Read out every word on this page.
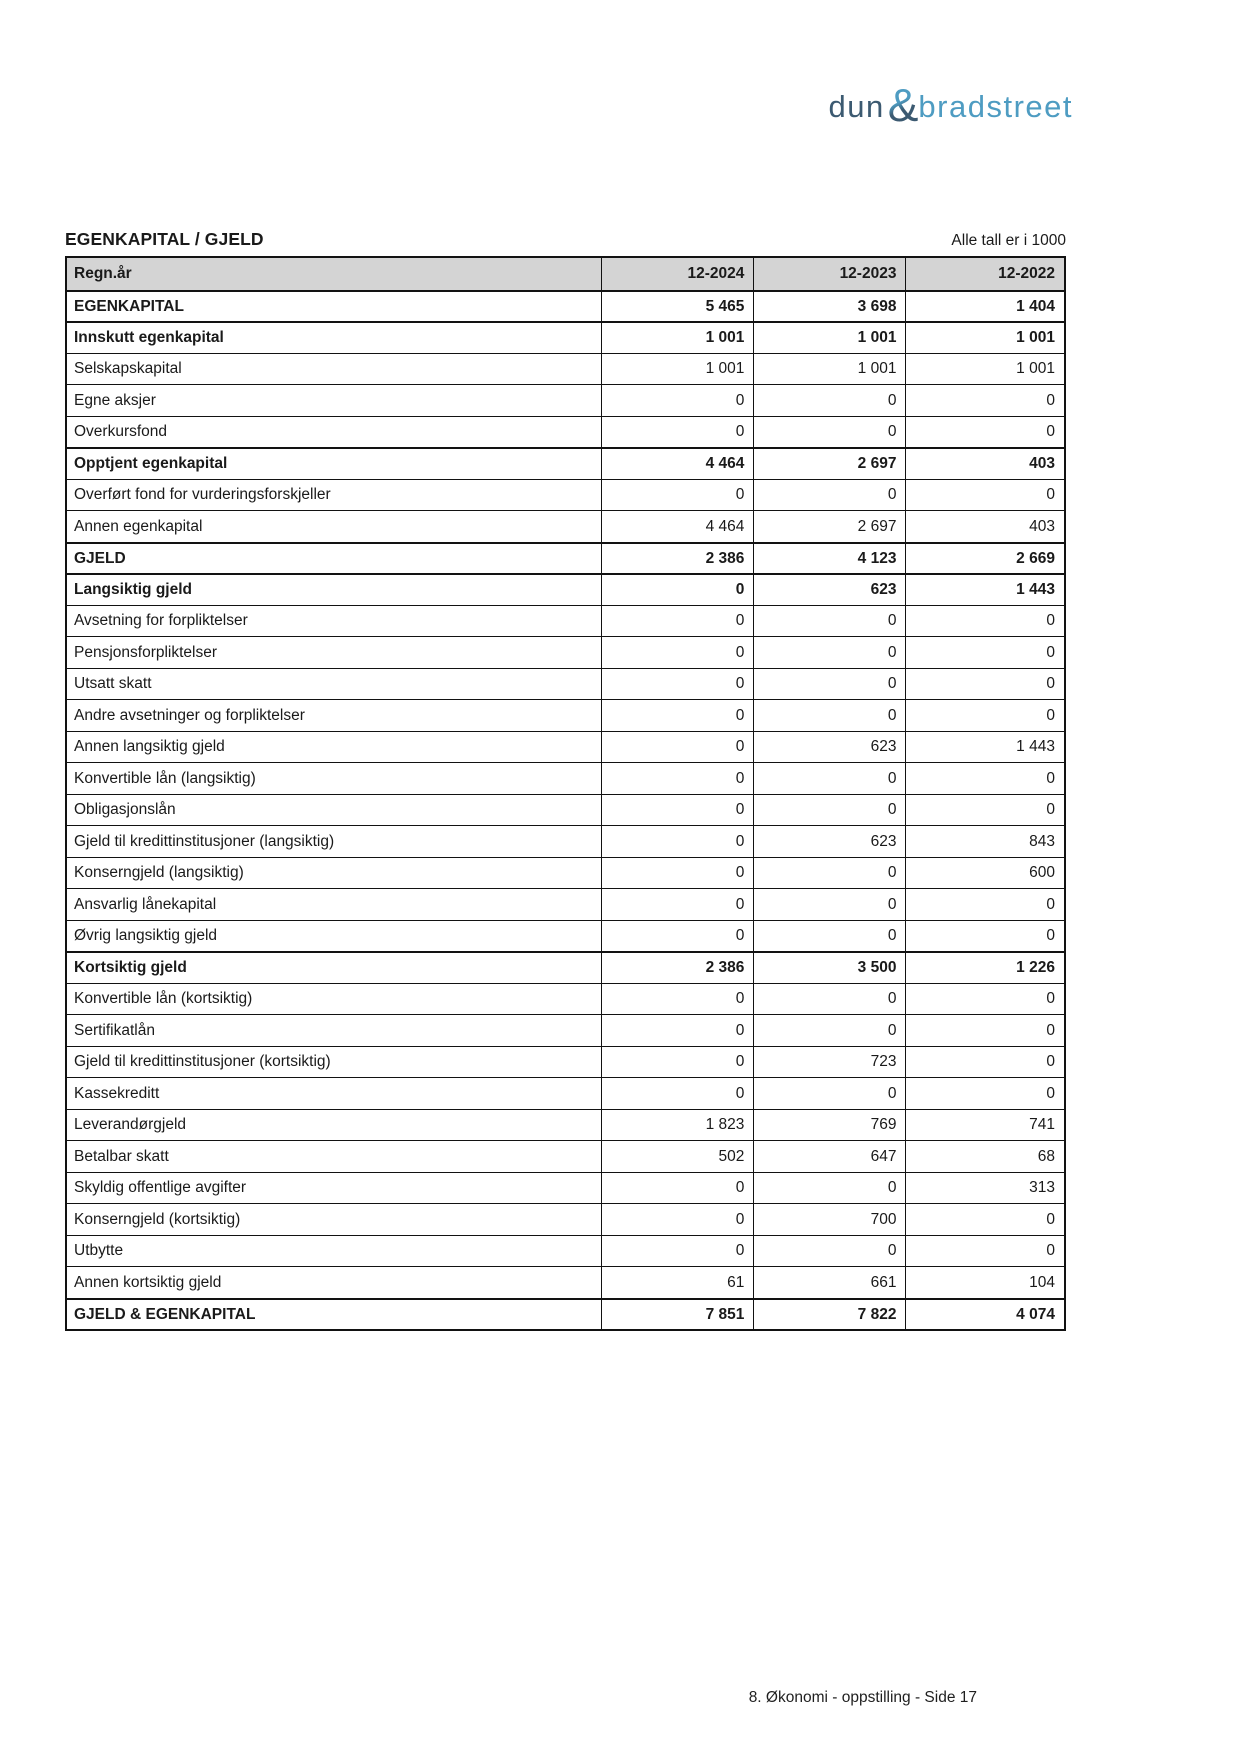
dun & bradstreet
EGENKAPITAL / GJELD	Alle tall er i 1000
Regn.år	12-2024	12-2023	12-2022
EGENKAPITAL	5 465	3 698	1 404
Innskutt egenkapital	1 001	1 001	1 001
Selskapskapital	1 001	1 001	1 001
Egne aksjer	0	0	0
Overkursfond	0	0	0
Opptjent egenkapital	4 464	2 697	403
Overført fond for vurderingsforskjeller	0	0	0
Annen egenkapital	4 464	2 697	403
GJELD	2 386	4 123	2 669
Langsiktig gjeld	0	623	1 443
Avsetning for forpliktelser	0	0	0
Pensjonsforpliktelser	0	0	0
Utsatt skatt	0	0	0
Andre avsetninger og forpliktelser	0	0	0
Annen langsiktig gjeld	0	623	1 443
Konvertible lån (langsiktig)	0	0	0
Obligasjonslån	0	0	0
Gjeld til kredittinstitusjoner (langsiktig)	0	623	843
Konserngjeld (langsiktig)	0	0	600
Ansvarlig lånekapital	0	0	0
Øvrig langsiktig gjeld	0	0	0
Kortsiktig gjeld	2 386	3 500	1 226
Konvertible lån (kortsiktig)	0	0	0
Sertifikatlån	0	0	0
Gjeld til kredittinstitusjoner (kortsiktig)	0	723	0
Kassekreditt	0	0	0
Leverandørgjeld	1 823	769	741
Betalbar skatt	502	647	68
Skyldig offentlige avgifter	0	0	313
Konserngjeld (kortsiktig)	0	700	0
Utbytte	0	0	0
Annen kortsiktig gjeld	61	661	104
GJELD & EGENKAPITAL	7 851	7 822	4 074
8. Økonomi - oppstilling - Side 17
